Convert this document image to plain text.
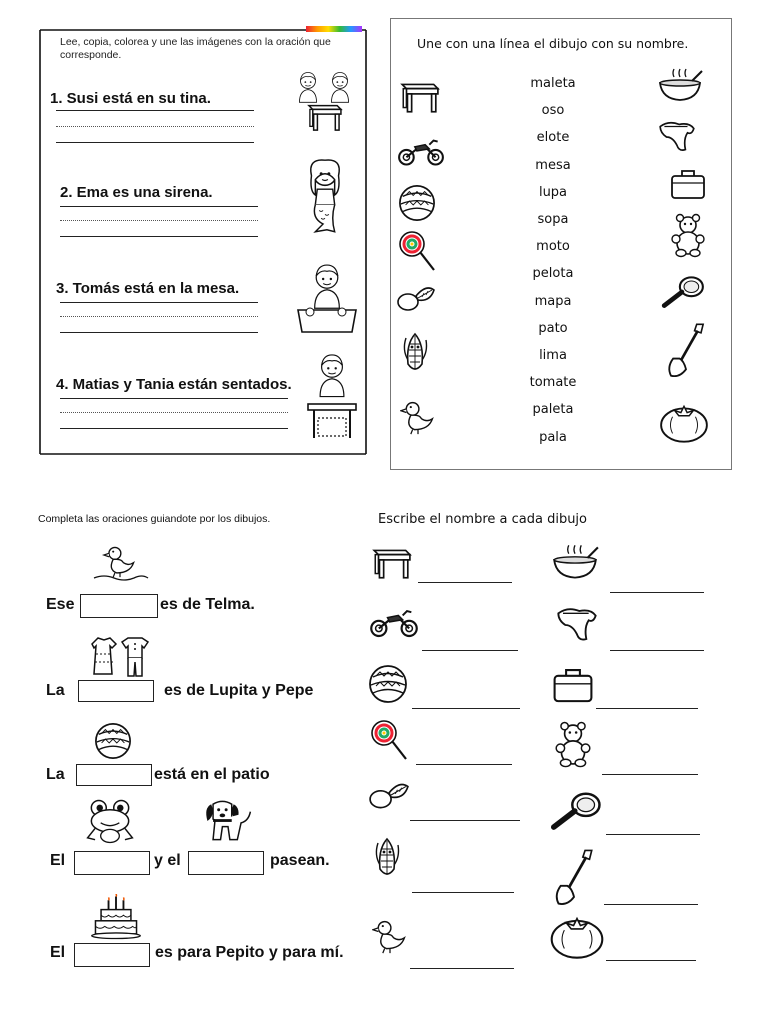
Lee, copia, colorea y une las imágenes con la oración que corresponde.
1. Susi está en su tina.
2. Ema es una sirena.
3. Tomás está en la mesa.
4. Matias y Tania están sentados.
Une con una línea el dibujo con su nombre.
maleta
oso
elote
mesa
lupa
sopa
moto
pelota
mapa
pato
lima
tomate
paleta
pala
Completa las oraciones guiandote por los dibujos.
Ese	es de Telma.
La	es de Lupita y Pepe
La	está en el patio
El	y el	pasean.
El	es para Pepito y para mí.
Escribe el nombre a cada dibujo
